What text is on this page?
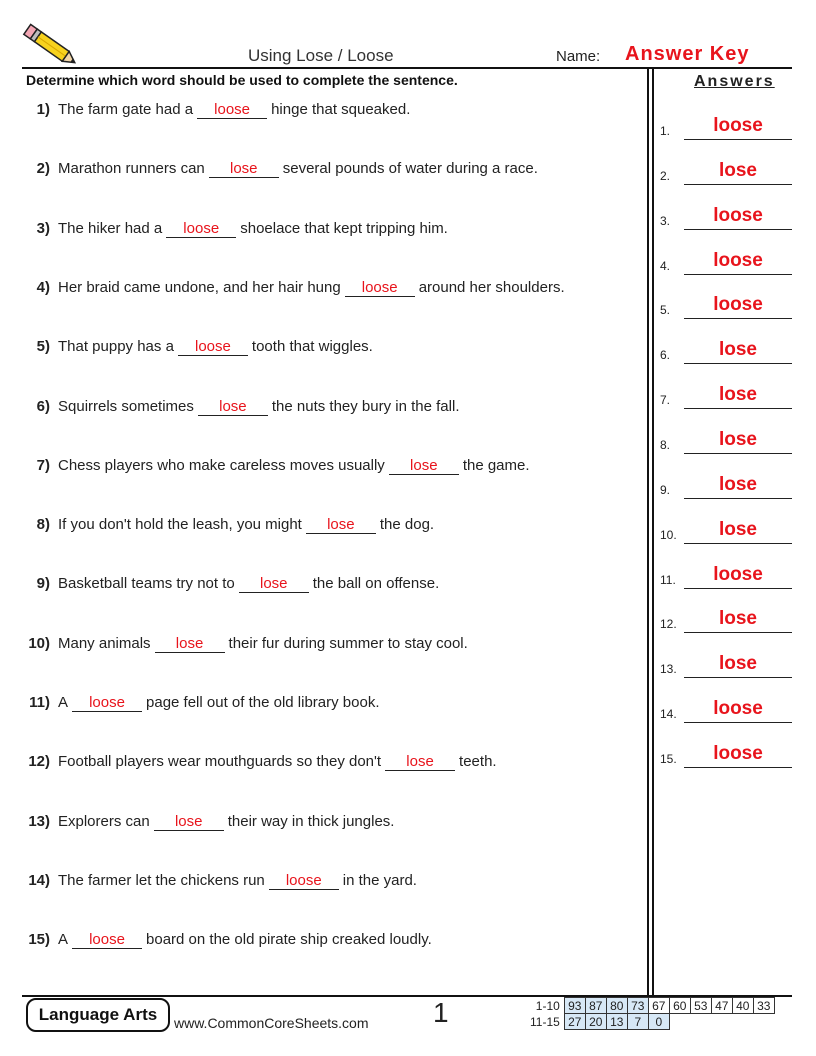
Using Lose / Loose	Name: Answer Key
Determine which word should be used to complete the sentence.	Answers
1) The farm gate had a loose hinge that squeaked.
2) Marathon runners can lose several pounds of water during a race.
3) The hiker had a loose shoelace that kept tripping him.
4) Her braid came undone, and her hair hung loose around her shoulders.
5) That puppy has a loose tooth that wiggles.
6) Squirrels sometimes lose the nuts they bury in the fall.
7) Chess players who make careless moves usually lose the game.
8) If you don't hold the leash, you might lose the dog.
9) Basketball teams try not to lose the ball on offense.
10) Many animals lose their fur during summer to stay cool.
11) A loose page fell out of the old library book.
12) Football players wear mouthguards so they don't lose teeth.
13) Explorers can lose their way in thick jungles.
14) The farmer let the chickens run loose in the yard.
15) A loose board on the old pirate ship creaked loudly.
1.	loose
2.	lose
3.	loose
4.	loose
5.	loose
6.	lose
7.	lose
8.	lose
9.	lose
10.	lose
11.	loose
12.	lose
13.	lose
14.	loose
15.	loose
Language Arts	www.CommonCoreSheets.com 1	1-10	93	87	80	73	67	60	53	47	40	33
11-15	27	20	13	7	0					
